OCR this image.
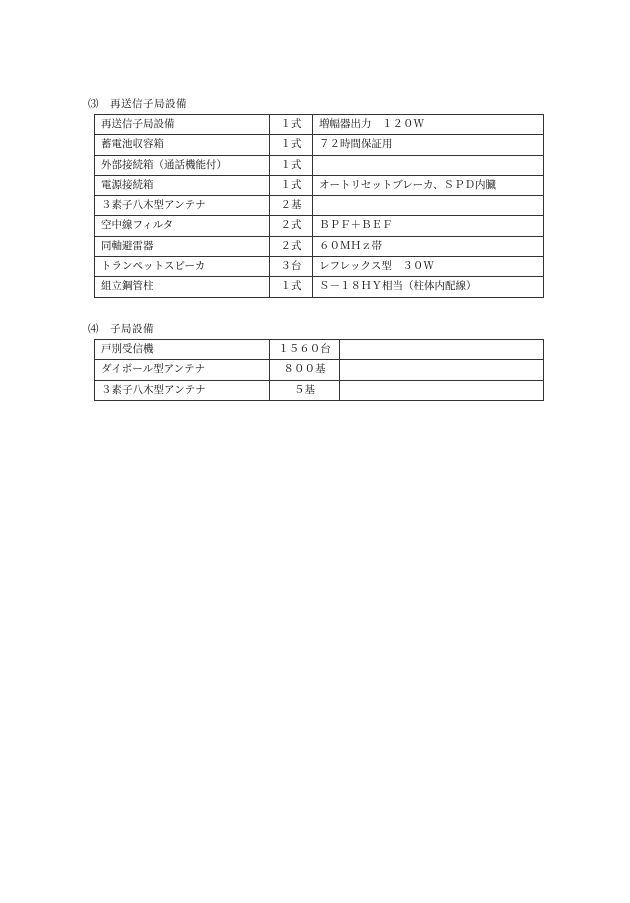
⑶ 再送信子局設備
再送信子局設備	１式	増幅器出力　１２０Ｗ
蓄電池収容箱	１式	７２時間保証用
外部接続箱（通話機能付）	１式	
電源接続箱	１式	オートリセットブレーカ、ＳＰＤ内臓
３素子八木型アンテナ	２基	
空中線フィルタ	２式	ＢＰＦ＋ＢＥＦ
同軸避雷器	２式	６０ＭＨｚ帯
トランペットスピーカ	３台	レフレックス型　３０Ｗ
組立鋼管柱	１式	Ｓ－１８ＨＹ相当（柱体内配線）
⑷ 子局設備
戸別受信機	１５６０台	
ダイポール型アンテナ	８００基	
３素子八木型アンテナ	５基	
